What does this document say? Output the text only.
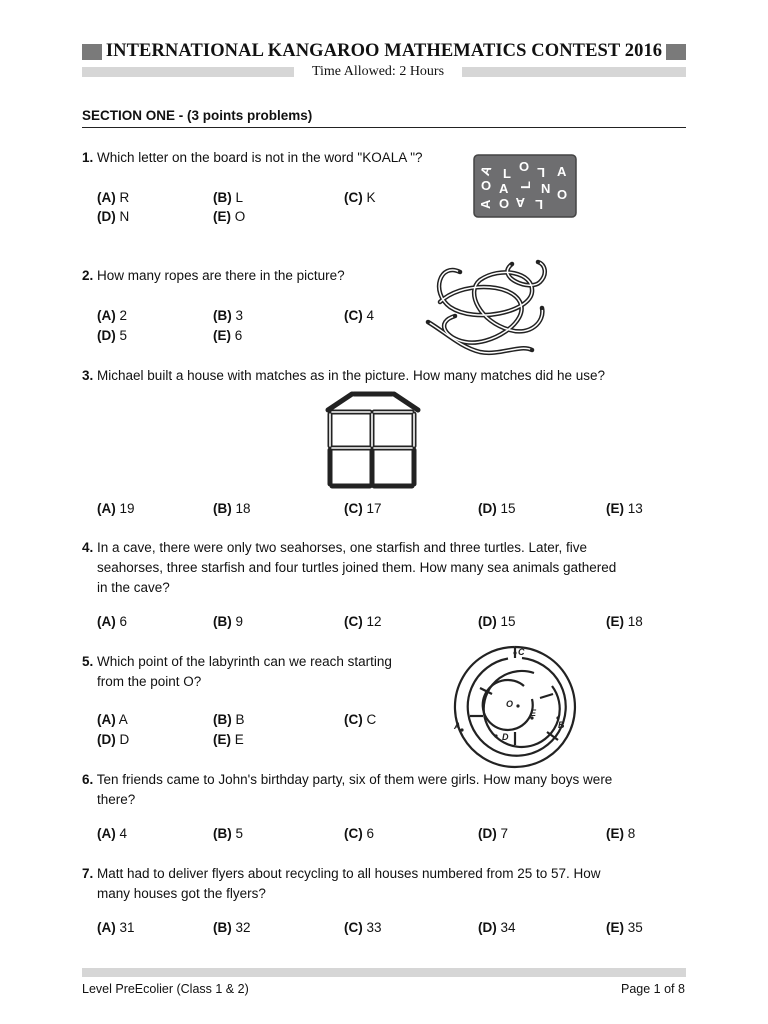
INTERNATIONAL KANGAROO MATHEMATICS CONTEST 2016
Time Allowed: 2 Hours
SECTION ONE - (3 points problems)
1. Which letter on the board is not in the word "KOALA "?
(A) R	(B) L	(C) K
(D) N	(E) O
A L O L A
O A L N O
A O A L
2. How many ropes are there in the picture?
(A) 2	(B) 3	(C) 4
(D) 5	(E) 6
3. Michael built a house with matches as in the picture. How many matches did he use?
(A) 19	(B) 18	(C) 17	(D) 15	(E) 13
4. In a cave, there were only two seahorses, one starfish and three turtles. Later, five
seahorses, three starfish and four turtles joined them. How many sea animals gathered
in the cave?
(A) 6	(B) 9	(C) 12	(D) 15	(E) 18
5. Which point of the labyrinth can we reach starting
from the point O?
(A) A	(B) B	(C) C
(D) D	(E) E
C
O
E
A	B
D
6. Ten friends came to John's birthday party, six of them were girls. How many boys were
there?
(A) 4	(B) 5	(C) 6	(D) 7	(E) 8
7. Matt had to deliver flyers about recycling to all houses numbered from 25 to 57. How
many houses got the flyers?
(A) 31	(B) 32	(C) 33	(D) 34	(E) 35
Level PreEcolier (Class 1 & 2)	Page 1 of 8
